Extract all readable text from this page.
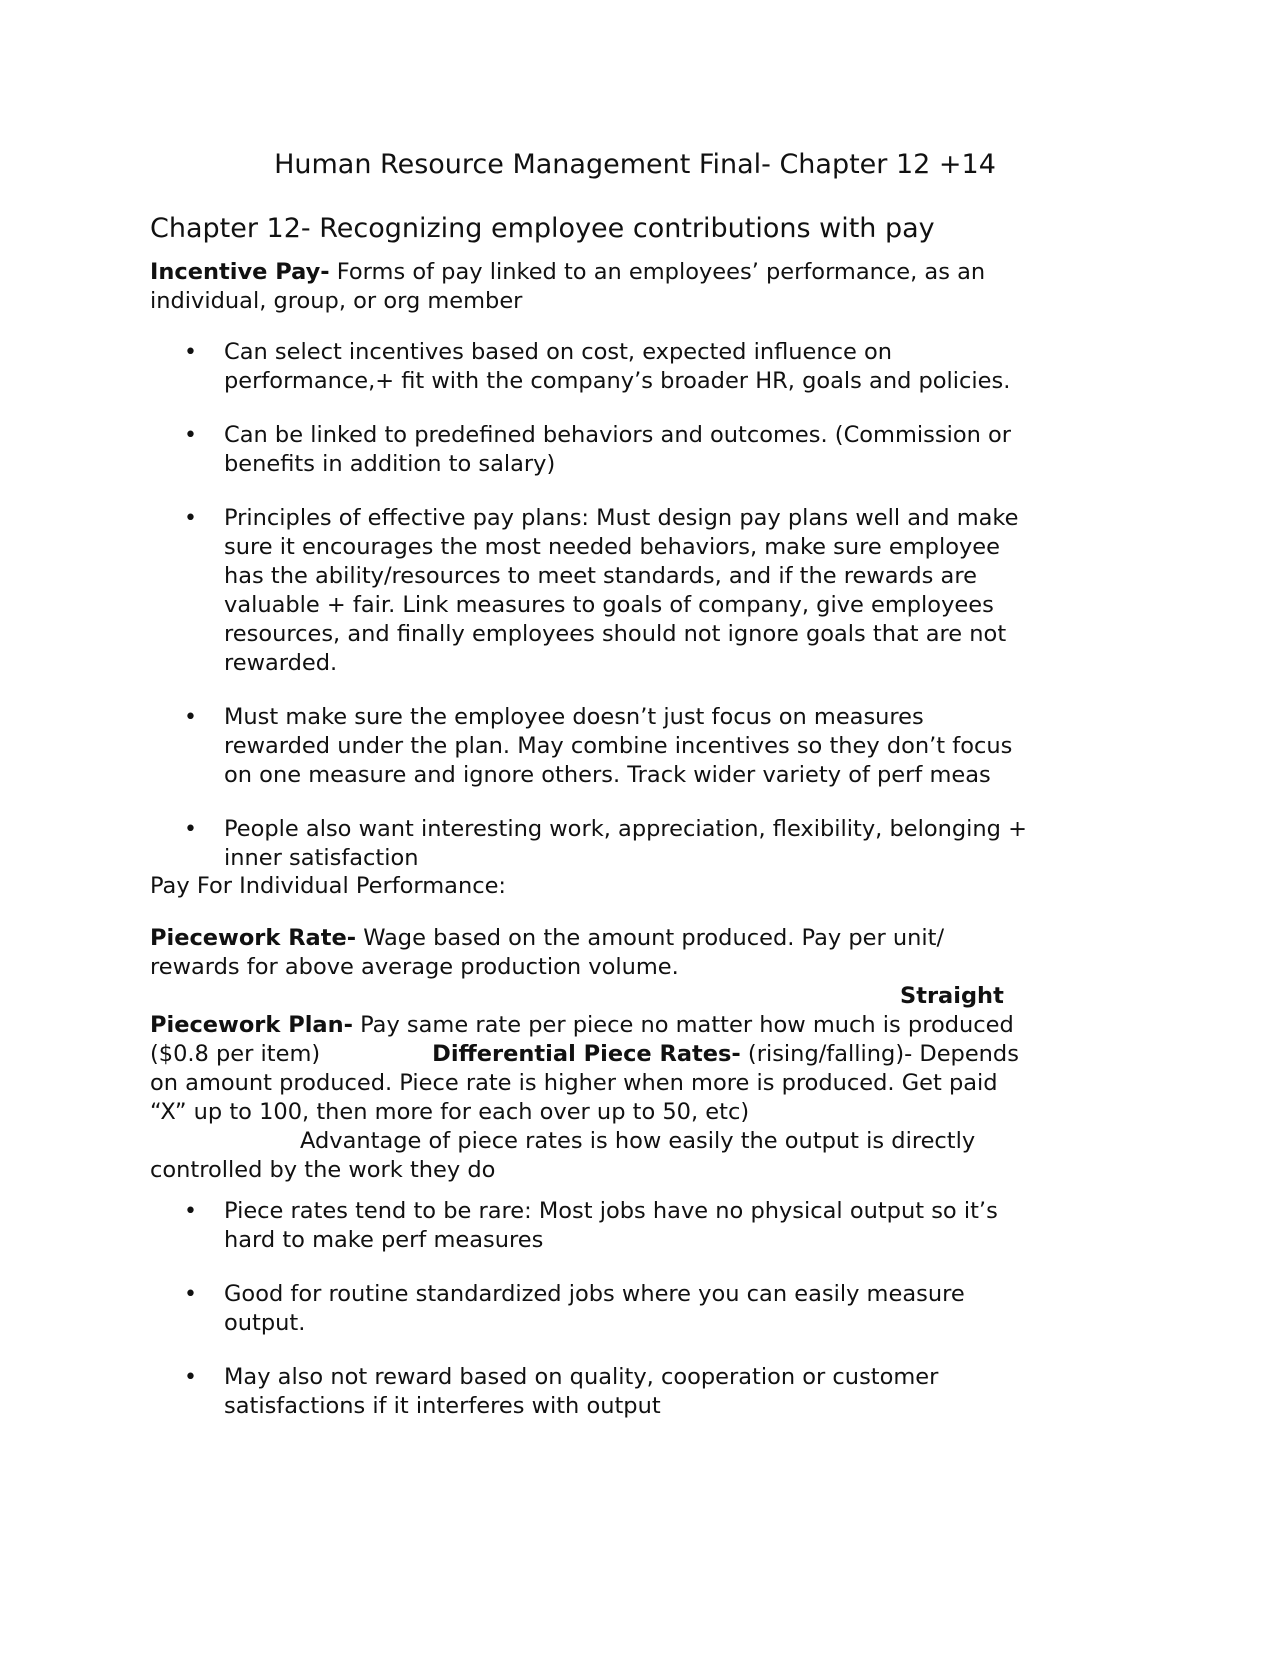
Human Resource Management Final- Chapter 12 +14
Chapter 12- Recognizing employee contributions with pay
Incentive Pay- Forms of pay linked to an employees’ performance, as an
individual, group, or org member
• Can select incentives based on cost, expected influence on
performance,+ fit with the company’s broader HR, goals and policies.
• Can be linked to predefined behaviors and outcomes. (Commission or
benefits in addition to salary)
• Principles of effective pay plans: Must design pay plans well and make
sure it encourages the most needed behaviors, make sure employee
has the ability/resources to meet standards, and if the rewards are
valuable + fair. Link measures to goals of company, give employees
resources, and finally employees should not ignore goals that are not
rewarded.
• Must make sure the employee doesn’t just focus on measures
rewarded under the plan. May combine incentives so they don’t focus
on one measure and ignore others. Track wider variety of perf meas
• People also want interesting work, appreciation, flexibility, belonging +
inner satisfaction
Pay For Individual Performance:
Piecework Rate- Wage based on the amount produced. Pay per unit/
rewards for above average production volume.
Straight
Piecework Plan- Pay same rate per piece no matter how much is produced
($0.8 per item)	Differential Piece Rates- (rising/falling)- Depends
on amount produced. Piece rate is higher when more is produced. Get paid
“X” up to 100, then more for each over up to 50, etc)
Advantage of piece rates is how easily the output is directly
controlled by the work they do
• Piece rates tend to be rare: Most jobs have no physical output so it’s
hard to make perf measures
• Good for routine standardized jobs where you can easily measure
output.
• May also not reward based on quality, cooperation or customer
satisfactions if it interferes with output
